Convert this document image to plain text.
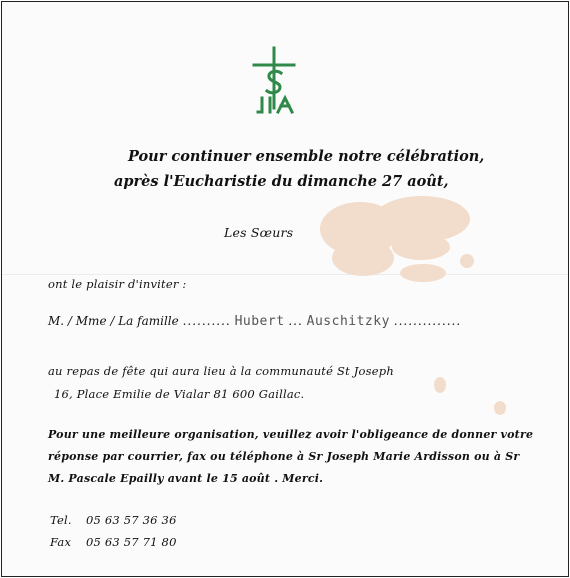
Pour continuer ensemble notre célébration,
après l'Eucharistie du dimanche 27 août,
Les Sœurs
ont le plaisir d'inviter :
M. / Mme / La famille .......... Hubert ... Auschitzky ..............
au repas de fête qui aura lieu à la communauté St Joseph
16, Place Emilie de Vialar 81 600 Gaillac.
Pour une meilleure organisation, veuillez avoir l'obligeance de donner votre
réponse par courrier, fax ou téléphone à Sr Joseph Marie Ardisson ou à Sr
M. Pascale Epailly avant le 15 août . Merci.
Tel. 05 63 57 36 36
Fax 05 63 57 71 80
